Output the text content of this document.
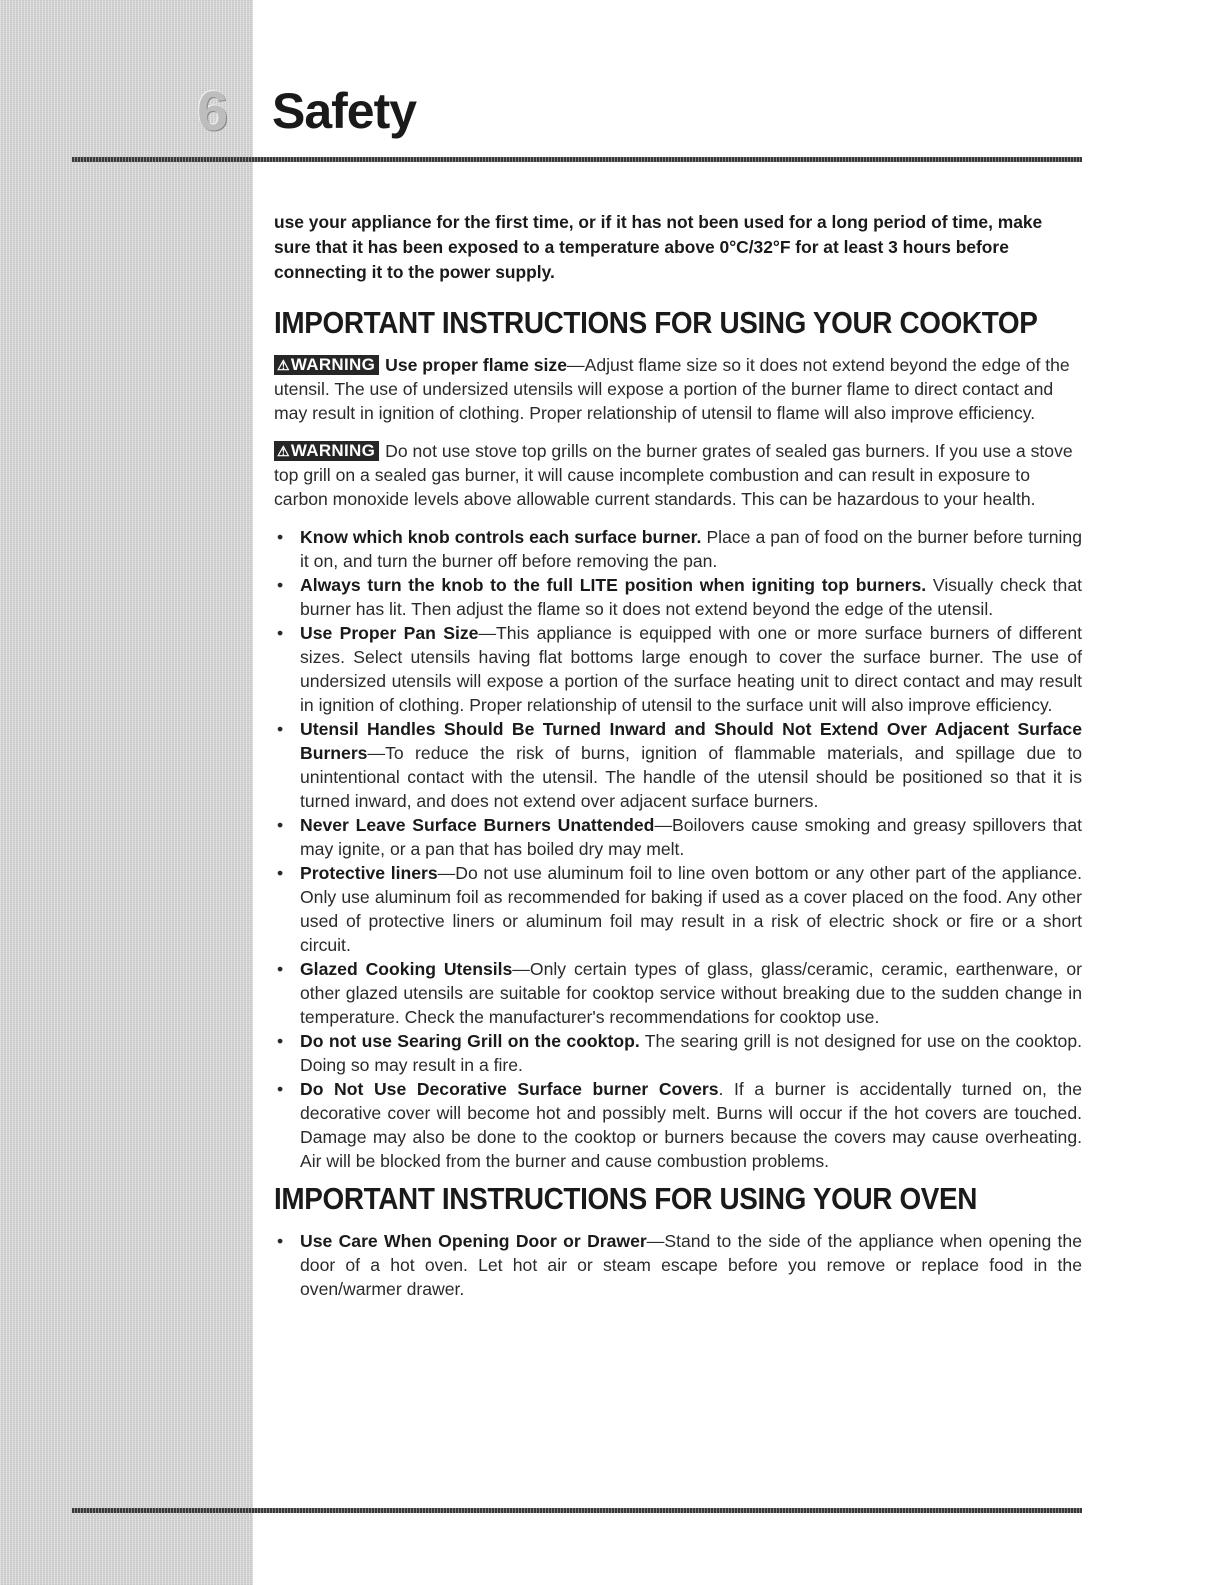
6 Safety

use your appliance for the first time, or if it has not been used for a long period of time, make sure that it has been exposed to a temperature above 0°C/32°F for at least 3 hours before connecting it to the power supply.

IMPORTANT INSTRUCTIONS FOR USING YOUR COOKTOP

⚠WARNING Use proper flame size—Adjust flame size so it does not extend beyond the edge of the utensil. The use of undersized utensils will expose a portion of the burner flame to direct contact and may result in ignition of clothing. Proper relationship of utensil to flame will also improve efficiency.

⚠WARNING Do not use stove top grills on the burner grates of sealed gas burners. If you use a stove top grill on a sealed gas burner, it will cause incomplete combustion and can result in exposure to carbon monoxide levels above allowable current standards. This can be hazardous to your health.

• Know which knob controls each surface burner. Place a pan of food on the burner before turning it on, and turn the burner off before removing the pan.
• Always turn the knob to the full LITE position when igniting top burners. Visually check that burner has lit. Then adjust the flame so it does not extend beyond the edge of the utensil.
• Use Proper Pan Size—This appliance is equipped with one or more surface burners of different sizes. Select utensils having flat bottoms large enough to cover the surface burner. The use of undersized utensils will expose a portion of the surface heating unit to direct contact and may result in ignition of clothing. Proper relationship of utensil to the surface unit will also improve efficiency.
• Utensil Handles Should Be Turned Inward and Should Not Extend Over Adjacent Surface Burners—To reduce the risk of burns, ignition of flammable materials, and spillage due to unintentional contact with the utensil. The handle of the utensil should be positioned so that it is turned inward, and does not extend over adjacent surface burners.
• Never Leave Surface Burners Unattended—Boilovers cause smoking and greasy spillovers that may ignite, or a pan that has boiled dry may melt.
• Protective liners—Do not use aluminum foil to line oven bottom or any other part of the appliance. Only use aluminum foil as recommended for baking if used as a cover placed on the food. Any other used of protective liners or aluminum foil may result in a risk of electric shock or fire or a short circuit.
• Glazed Cooking Utensils—Only certain types of glass, glass/ceramic, ceramic, earthenware, or other glazed utensils are suitable for cooktop service without breaking due to the sudden change in temperature. Check the manufacturer's recommendations for cooktop use.
• Do not use Searing Grill on the cooktop. The searing grill is not designed for use on the cooktop. Doing so may result in a fire.
• Do Not Use Decorative Surface burner Covers. If a burner is accidentally turned on, the decorative cover will become hot and possibly melt. Burns will occur if the hot covers are touched. Damage may also be done to the cooktop or burners because the covers may cause overheating. Air will be blocked from the burner and cause combustion problems.
IMPORTANT INSTRUCTIONS FOR USING YOUR OVEN
• Use Care When Opening Door or Drawer—Stand to the side of the appliance when opening the door of a hot oven. Let hot air or steam escape before you remove or replace food in the oven/warmer drawer.
